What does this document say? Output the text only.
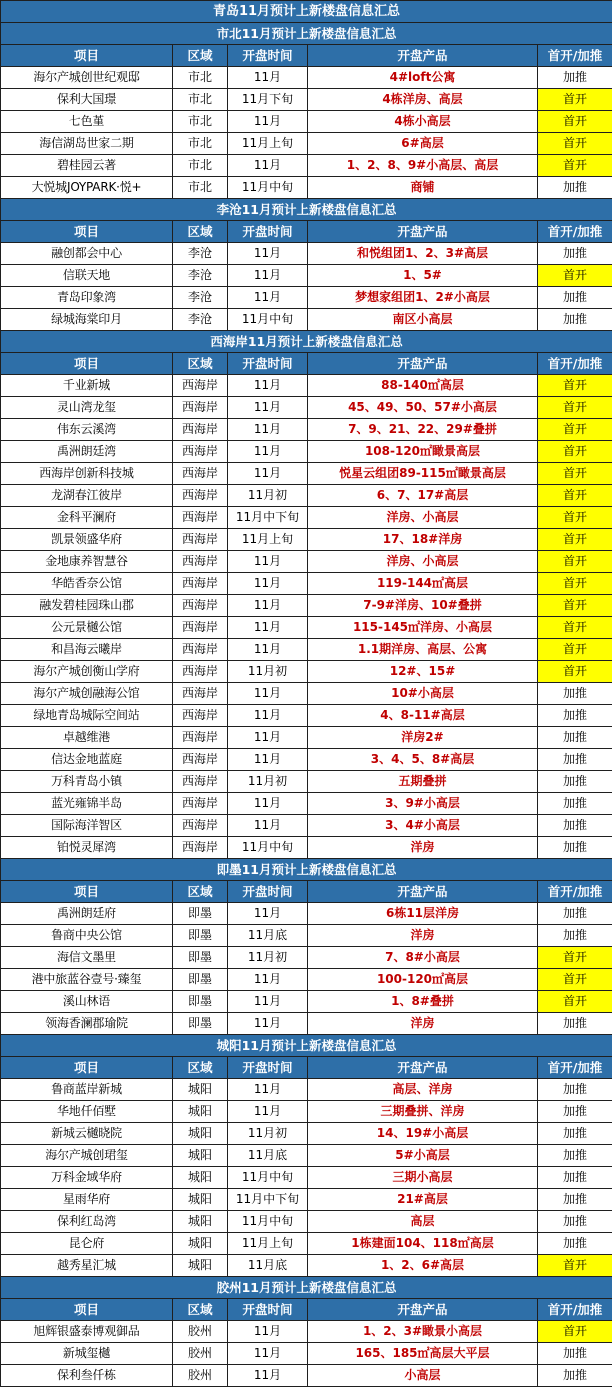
青岛11月预计上新楼盘信息汇总				
市北11月预计上新楼盘信息汇总				
项目	区域	开盘时间	开盘产品	首开/加推
海尔产城创世纪观邸	市北	11月	4#loft公寓	加推
保利大国璟	市北	11月下旬	4栋洋房、高层	首开
七色堇	市北	11月	4栋小高层	首开
海信湖岛世家二期	市北	11月上旬	6#高层	首开
碧桂园云著	市北	11月	1、2、8、9#小高层、高层	首开
大悦城JOYPARK·悦+	市北	11月中旬	商铺	加推
李沧11月预计上新楼盘信息汇总				
项目	区域	开盘时间	开盘产品	首开/加推
融创都会中心	李沧	11月	和悦组团1、2、3#高层	加推
信联天地	李沧	11月	1、5#	首开
青岛印象湾	李沧	11月	梦想家组团1、2#小高层	加推
绿城海棠印月	李沧	11月中旬	南区小高层	加推
西海岸11月预计上新楼盘信息汇总				
项目	区域	开盘时间	开盘产品	首开/加推
千业新城	西海岸	11月	88-140㎡高层	首开
灵山湾龙玺	西海岸	11月	45、49、50、57#小高层	首开
伟东云溪湾	西海岸	11月	7、9、21、22、29#叠拼	首开
禹洲朗廷湾	西海岸	11月	108-120㎡瞰景高层	首开
西海岸创新科技城	西海岸	11月	悦星云组团89-115㎡瞰景高层	首开
龙湖春江彼岸	西海岸	11月初	6、7、17#高层	首开
金科平澜府	西海岸	11月中下旬	洋房、小高层	首开
凯景领盛华府	西海岸	11月上旬	17、18#洋房	首开
金地康养智慧谷	西海岸	11月	洋房、小高层	首开
华皓香奈公馆	西海岸	11月	119-144㎡高层	首开
融发碧桂园珠山郡	西海岸	11月	7-9#洋房、10#叠拼	首开
公元景樾公馆	西海岸	11月	115-145㎡洋房、小高层	首开
和昌海云曦岸	西海岸	11月	1.1期洋房、高层、公寓	首开
海尔产城创衡山学府	西海岸	11月初	12#、15#	首开
海尔产城创融海公馆	西海岸	11月	10#小高层	加推
绿地青岛城际空间站	西海岸	11月	4、8-11#高层	加推
卓越维港	西海岸	11月	洋房2#	加推
信达金地蓝庭	西海岸	11月	3、4、5、8#高层	加推
万科青岛小镇	西海岸	11月初	五期叠拼	加推
蓝光雍锦半岛	西海岸	11月	3、9#小高层	加推
国际海洋智区	西海岸	11月	3、4#小高层	加推
铂悦灵犀湾	西海岸	11月中旬	洋房	加推
即墨11月预计上新楼盘信息汇总				
项目	区域	开盘时间	开盘产品	首开/加推
禹洲朗廷府	即墨	11月	6栋11层洋房	加推
鲁商中央公馆	即墨	11月底	洋房	加推
海信文墨里	即墨	11月初	7、8#小高层	首开
港中旅蓝谷壹号·臻玺	即墨	11月	100-120㎡高层	首开
溪山林语	即墨	11月	1、8#叠拼	首开
领海香澜郡瑜院	即墨	11月	洋房	加推
城阳11月预计上新楼盘信息汇总				
项目	区域	开盘时间	开盘产品	首开/加推
鲁商蓝岸新城	城阳	11月	高层、洋房	加推
华地仟佰墅	城阳	11月	三期叠拼、洋房	加推
新城云樾晓院	城阳	11月初	14、19#小高层	加推
海尔产城创珺玺	城阳	11月底	5#小高层	加推
万科金域华府	城阳	11月中旬	三期小高层	加推
星雨华府	城阳	11月中下旬	21#高层	加推
保利红岛湾	城阳	11月中旬	高层	加推
昆仑府	城阳	11月上旬	1栋建面104、118㎡高层	加推
越秀星汇城	城阳	11月底	1、2、6#高层	首开
胶州11月预计上新楼盘信息汇总				
项目	区域	开盘时间	开盘产品	首开/加推
旭辉银盛泰博观御品	胶州	11月	1、2、3#瞰景小高层	首开
新城玺樾	胶州	11月	165、185㎡高层大平层	加推
保利叁仟栋	胶州	11月	小高层	加推
